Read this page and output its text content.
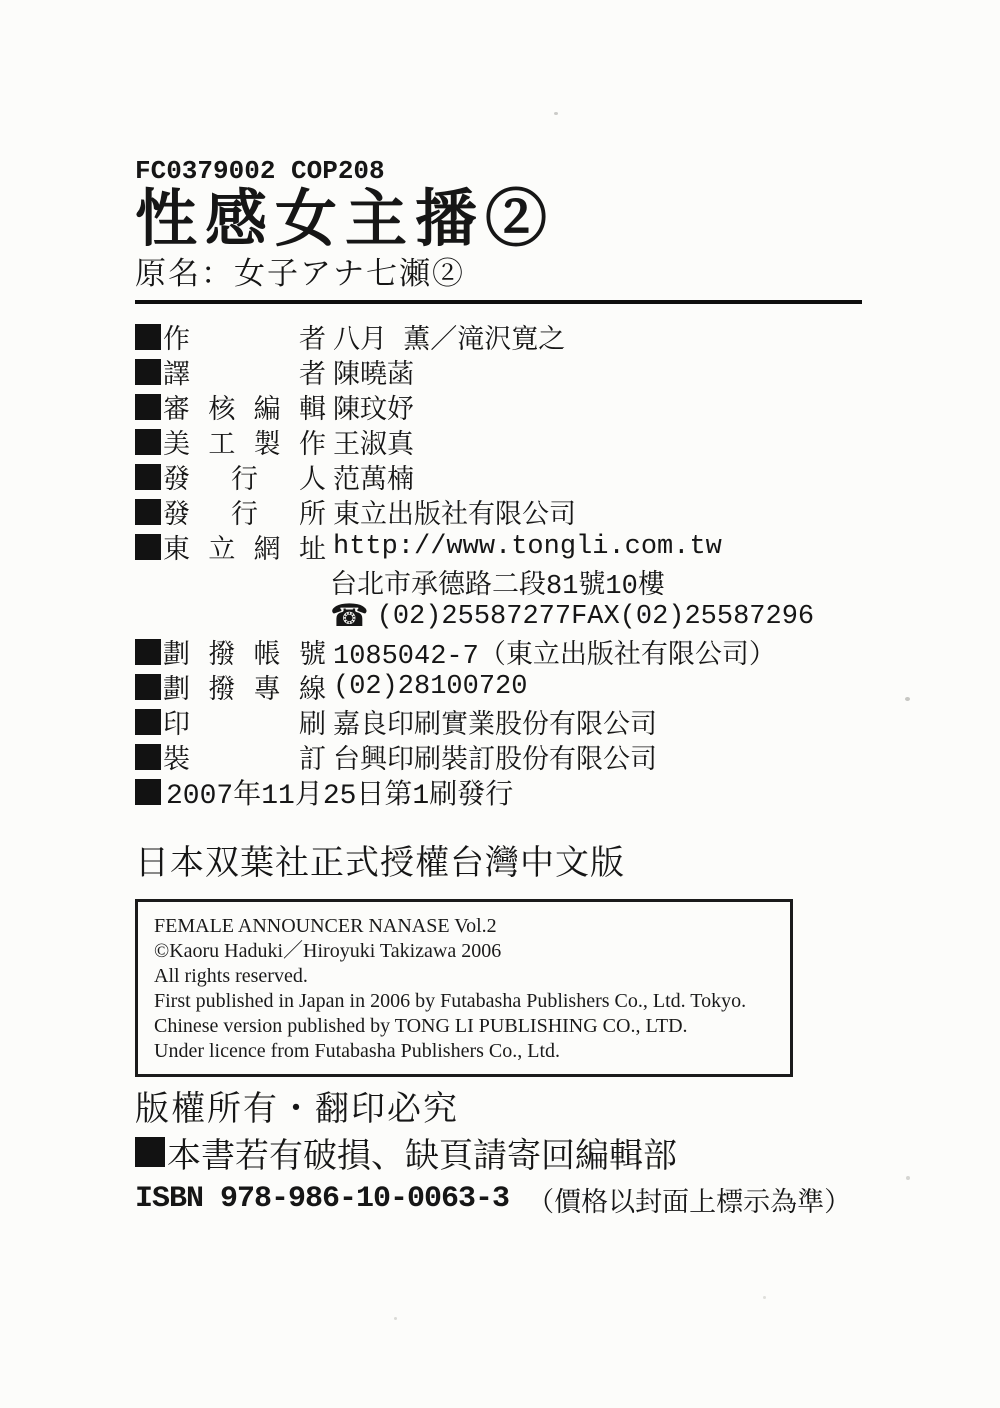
FC0379002 COP208
性感女主播②
原名：女子アナ七瀬②
作者 八月 薫／滝沢寛之
譯者 陳曉菡
審核編輯 陳玟妤
美工製作 王淑真
發行人 范萬楠
發行所 東立出版社有限公司
東立網址 http://www.tongli.com.tw
台北市承德路二段81號10樓
☎ (02)25587277 FAX(02)25587296
劃撥帳號 1085042-7（東立出版社有限公司）
劃撥專線 (02)28100720
印刷 嘉良印刷實業股份有限公司
裝訂 台興印刷裝訂股份有限公司
2007年11月25日第1刷發行
日本双葉社正式授權台灣中文版
FEMALE ANNOUNCER NANASE Vol.2
©Kaoru Haduki／Hiroyuki Takizawa 2006
All rights reserved.
First published in Japan in 2006 by Futabasha Publishers Co., Ltd. Tokyo.
Chinese version published by TONG LI PUBLISHING CO., LTD.
Under licence from Futabasha Publishers Co., Ltd.
版權所有・翻印必究
本書若有破損、缺頁請寄回編輯部
ISBN 978-986-10-0063-3 （價格以封面上標示為準）
